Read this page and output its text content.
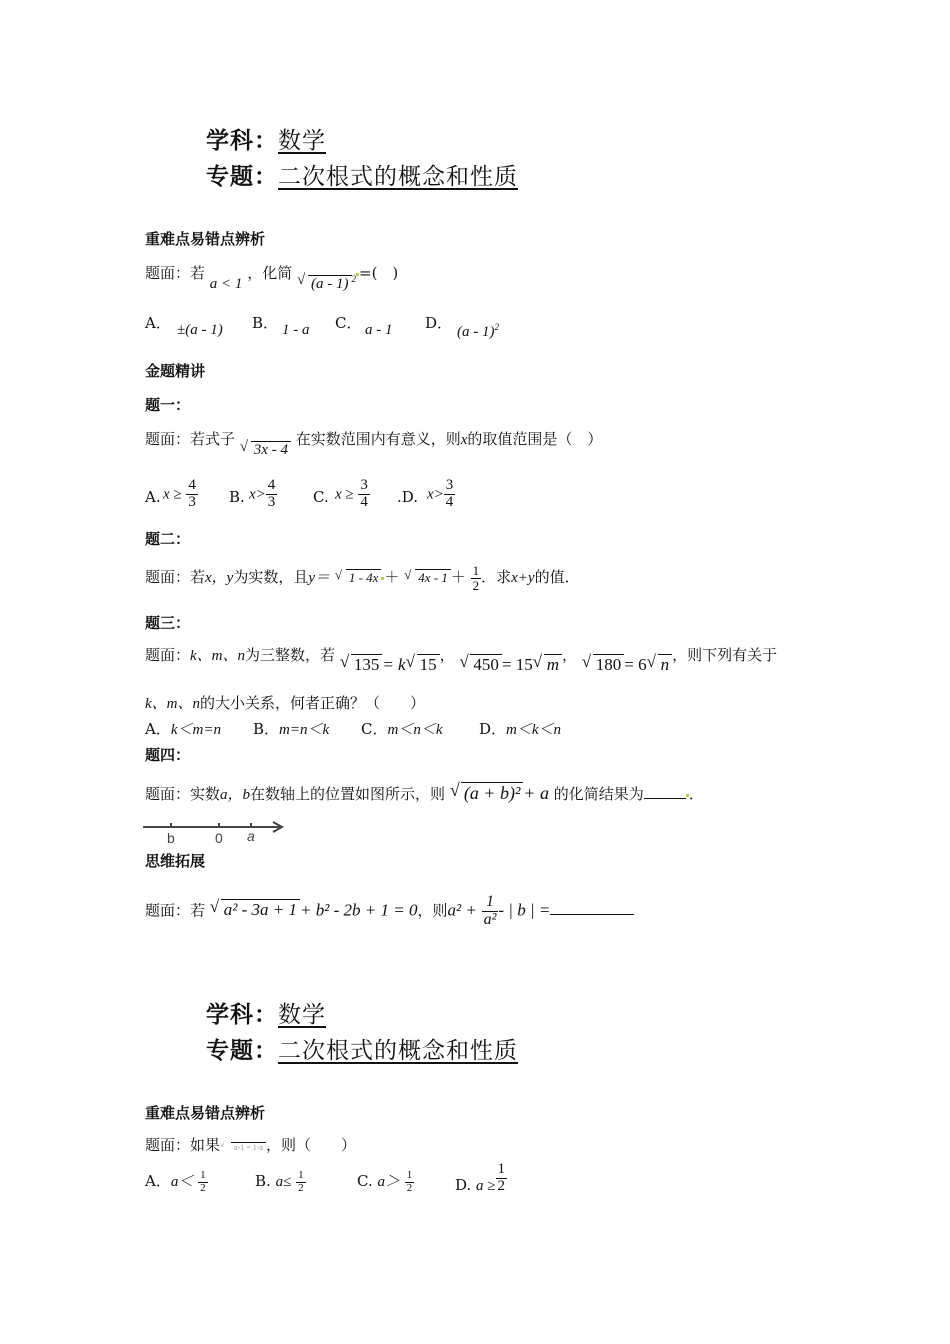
学科：数学
专题：二次根式的概念和性质
重难点易错点辨析
题面：若 a < 1 ，化简 √ (a - 1) $^2$ =(　)
A． ±(a - 1) B． 1 - a C． a - 1 D． (a - 1)$^2$
金题精讲
题一：
题面：若式子 √ 3x - 4 在实数范围内有意义，则x的取值范围是（　）
A. $x \ge \frac{4}{3} B$. $x> \frac{4}{3} C$. $x \ge \frac{3}{4} .D$. $x> \frac{3}{4}$
题二：
题面：若x，y为实数，且y＝ √ 1 - 4x ＋ √ $4x - 1 + \frac{1}{2}$ ．求x+y的值．
题三：
题面：k、m、n为三整数，若 √ 135 = k √ 15 ， √ 450 = 15 √ m ， √ 180 = 6 √ n ，则下列有关于
k、m、n的大小关系，何者正确？（　　）
A．k＜m=n B．m=n＜k C．m＜n＜k D．m＜k＜n
题四：
题面：实数a，b在数轴上的位置如图所示，则 √ (a + b)² + a 的化简结果为	．
b	0 a
思维拓展
题面：若 √ a² - 3a + 1 + b² - 2b + 1 = 0，则$a^2 + \frac{1}{\text{a²}}$ - | b | =
学科：数学
专题：二次根式的概念和性质
重难点易错点辨析
题面：如果 √ a-1 = 1-a ，则（　　）
A．$a< \frac{1}{2}$	B. $a\le \frac{1}{2}$	C. $a> \frac{1}{2}$	D. $a \ge \frac{1}{2}$
